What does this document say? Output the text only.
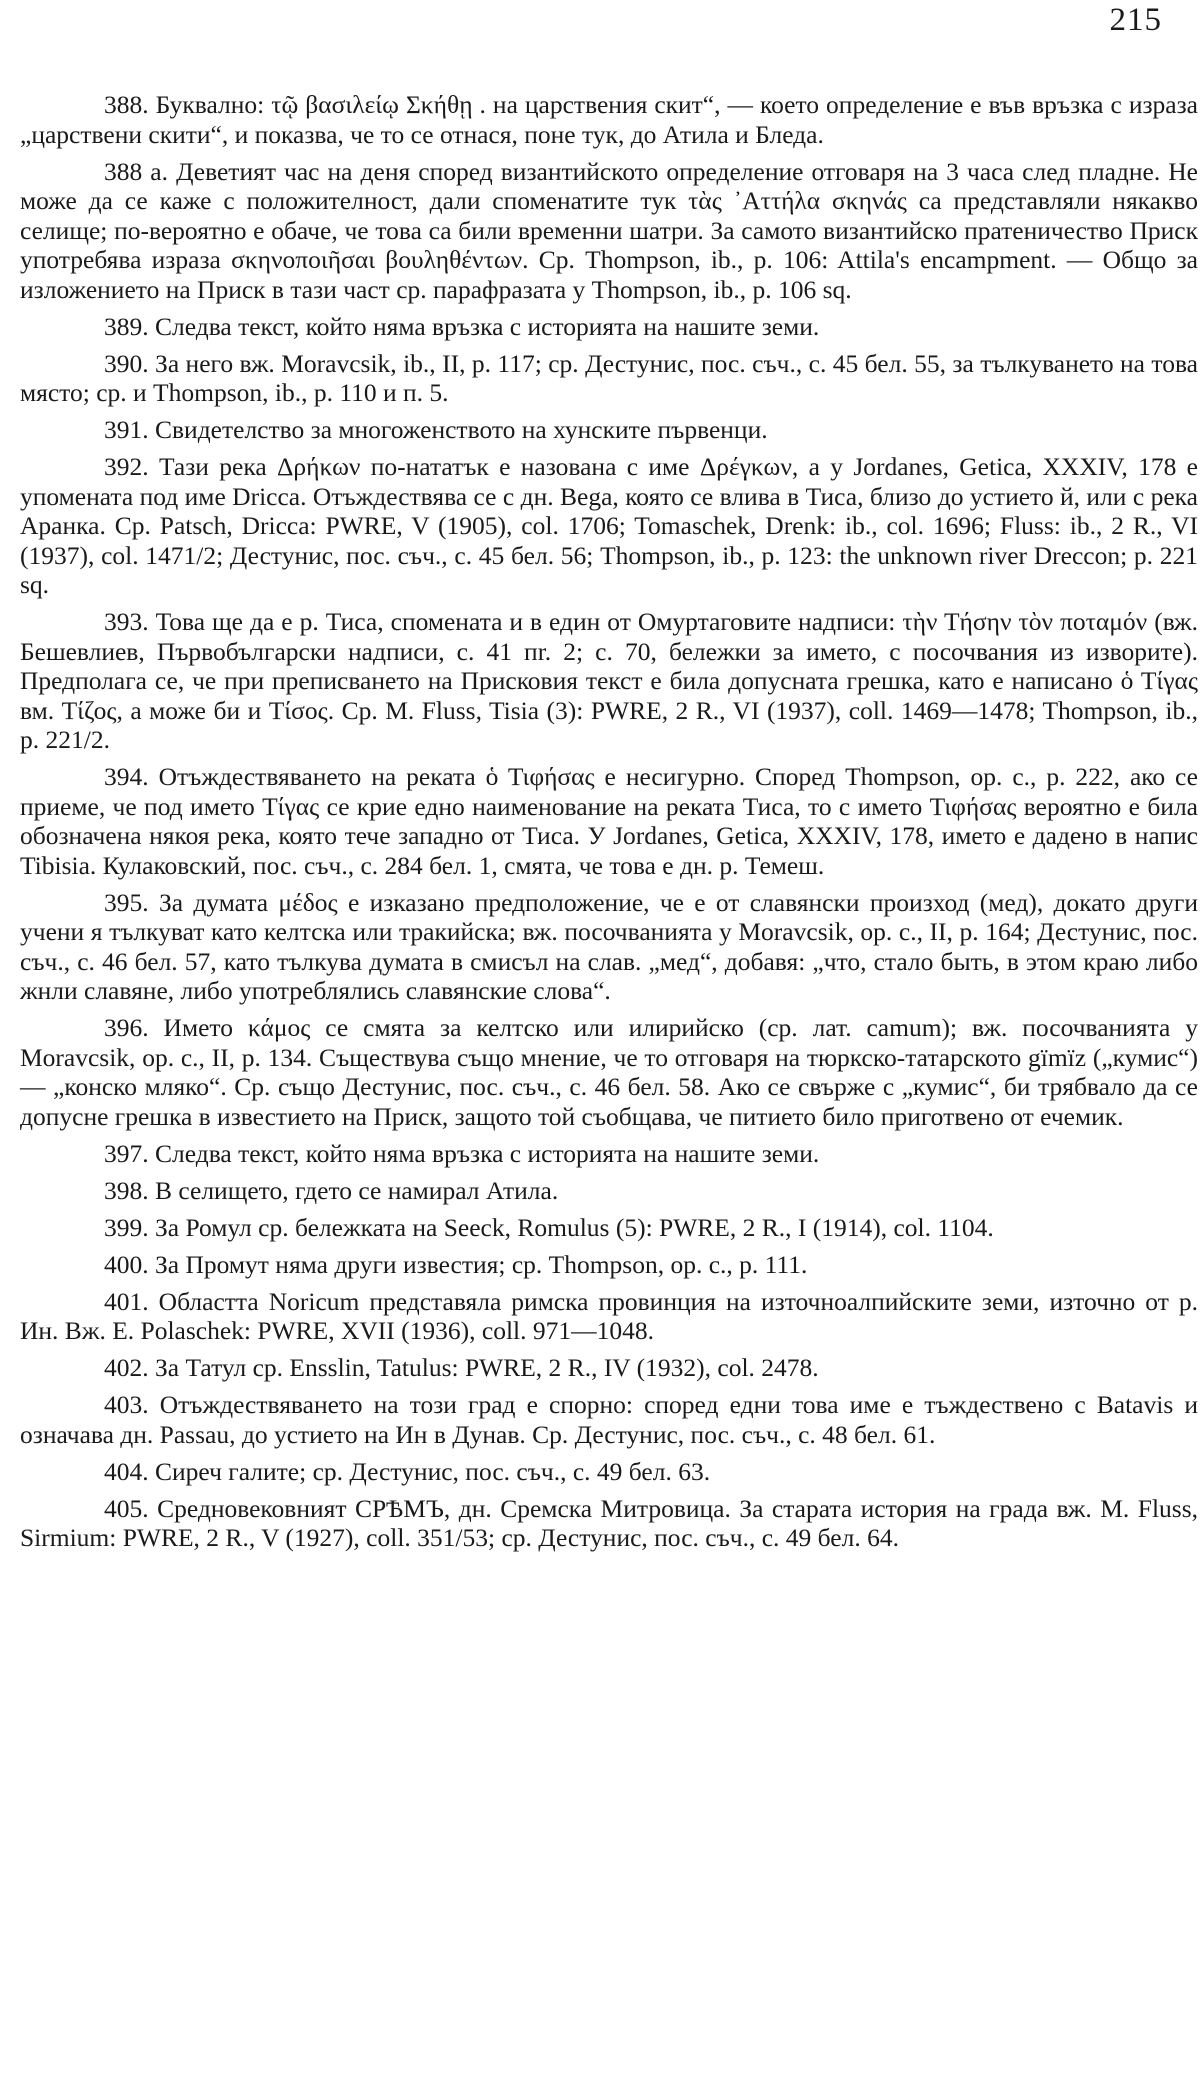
215

388. Буквално: τῷ βασιλείῳ Σκήθῃ . на царствения скит“, — което определение е във връзка с израза „царствени скити“, и показва, че то се отнася, поне тук, до Атила и Бледа.

388 а. Деветият час на деня според византийското определение отговаря на 3 часа след пладне. Не може да се каже с положителност, дали споменатите тук τὰς ᾽Αττήλα σκηνάς са представляли някакво селище; по-вероятно е обаче, че това са били временни шатри. За самото византийско пратеничество Приск употребява израза σκηνοποιῆσαι βουληθέντων. Ср. Thompson, ib., p. 106: Attila's encampment. — Общо за изложението на Приск в тази част ср. парафразата у Thompson, ib., p. 106 sq.

389. Следва текст, който няма връзка с историята на нашите земи.

390. За него вж. Moravcsik, ib., II, p. 117; ср. Дестунис, пос. съч., с. 45 бел. 55, за тълкуването на това място; ср. и Thompson, ib., p. 110 и п. 5.

391. Свидетелство за многоженството на хунските първенци.

392. Тази река Δρήκων по-нататък е назована с име Δρέγκων, а у Jordanes, Getica, XXXIV, 178 е упомената под име Dricca. Отъждествява се с дн. Bega, която се влива в Тиса, близо до устието й, или с река Аранка. Ср. Patsch, Dricca: PWRE, V (1905), col. 1706; Tomaschek, Drenk: ib., col. 1696; Fluss: ib., 2 R., VI (1937), col. 1471/2; Дестунис, пос. съч., с. 45 бел. 56; Thompson, ib., p. 123: the unknown river Dreccon; p. 221 sq.

393. Това ще да е р. Тиса, спомената и в един от Омуртаговите надписи: τὴν Τήσην τὸν ποταμόν (вж. Бешевлиев, Първобългарски надписи, с. 41 пr. 2; с. 70, бележки за името, с посочвания из изворите). Предполага се, че при преписването на Присковия текст е била допусната грешка, като е написано ὁ Τίγας вм. Τίζος, а може би и Τίσος. Ср. M. Fluss, Tisia (3): PWRE, 2 R., VI (1937), coll. 1469—1478; Thompson, ib., p. 221/2.

394. Отъждествяването на реката ὁ Τιφήσας е несигурно. Според Thompson, op. c., p. 222, ако се приеме, че под името Τίγας се крие едно наименование на реката Тиса, то с името Τιφήσας вероятно е била обозначена някоя река, която тече западно от Тиса. У Jordanes, Getica, XXXIV, 178, името е дадено в напис Tibisia. Кулаковский, пос. съч., с. 284 бел. 1, смята, че това е дн. р. Темеш.

395. За думата μέδος е изказано предположение, че е от славянски произход (мед), докато други учени я тълкуват като келтска или тракийска; вж. посочванията у Moravcsik, op. c., II, p. 164; Дестунис, пос. съч., с. 46 бел. 57, като тълкува думата в смисъл на слав. „мед“, добавя: „что, стало быть, в этом краю либо жнли славяне, либо употреблялись славянские слова“.

396. Името κάμος се смята за келтско или илирийско (ср. лат. camum); вж. посочванията у Moravcsik, op. c., II, p. 134. Съществува също мнение, че то отговаря на тюркско-татарското gïmïz („кумис“) — „конско мляко“. Ср. също Дестунис, пос. съч., с. 46 бел. 58. Ако се свърже с „кумис“, би трябвало да се допусне грешка в известието на Приск, защото той съобщава, че питието било приготвено от ечемик.

397. Следва текст, който няма връзка с историята на нашите земи.

398. В селището, гдето се намирал Атила.

399. За Ромул ср. бележката на Seeck, Romulus (5): PWRE, 2 R., I (1914), col. 1104.

400. За Промут няма други известия; ср. Thompson, op. c., p. 111.

401. Областта Noricum представяла римска провинция на източноалпийските земи, източно от р. Ин. Вж. E. Polaschek: PWRE, XVII (1936), coll. 971—1048.

402. За Татул ср. Ensslin, Tatulus: PWRE, 2 R., IV (1932), col. 2478.

403. Отъждествяването на този град е спорно: според едни това име е тъждествено с Batavis и означава дн. Passau, до устието на Ин в Дунав. Ср. Дестунис, пос. съч., с. 48 бел. 61.

404. Сиреч галите; ср. Дестунис, пос. съч., с. 49 бел. 63.

405. Средновековният СРѢМЪ, дн. Сремска Митровица. За старата история на града вж. M. Fluss, Sirmium: PWRE, 2 R., V (1927), coll. 351/53; ср. Дестунис, пос. съч., с. 49 бел. 64.
